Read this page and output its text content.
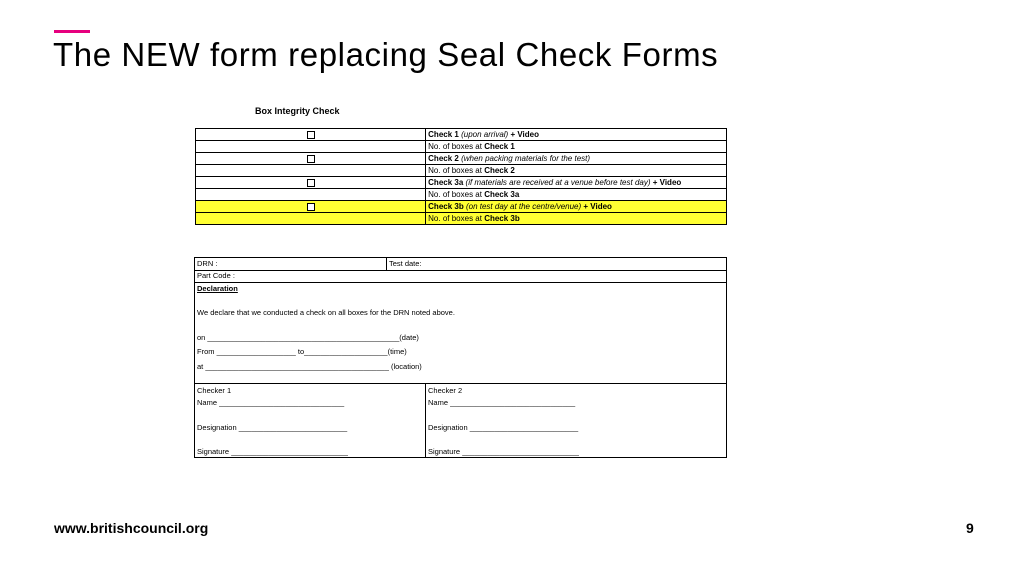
The NEW form replacing Seal Check Forms
Box Integrity Check
	Check 1 (upon arrival) + Video
	No. of boxes at Check 1
	Check 2 (when packing materials for the test)
	No. of boxes at Check 2
	Check 3a (if materials are received at a venue before test day) + Video
	No. of boxes at Check 3a
	Check 3b (on test day at the centre/venue) + Video
	No. of boxes at Check 3b
DRN :	Test date:
Part Code :
Declaration
We declare that we conducted a check on all boxes for the DRN noted above.
on ______________________________________________(date)
From ___________________ to____________________(time)
at ____________________________________________ (location)
Checker 1
Name ______________________________
Designation __________________________
Signature ____________________________
Checker 2
Name ______________________________
Designation __________________________
Signature ____________________________
www.britishcouncil.org	9
